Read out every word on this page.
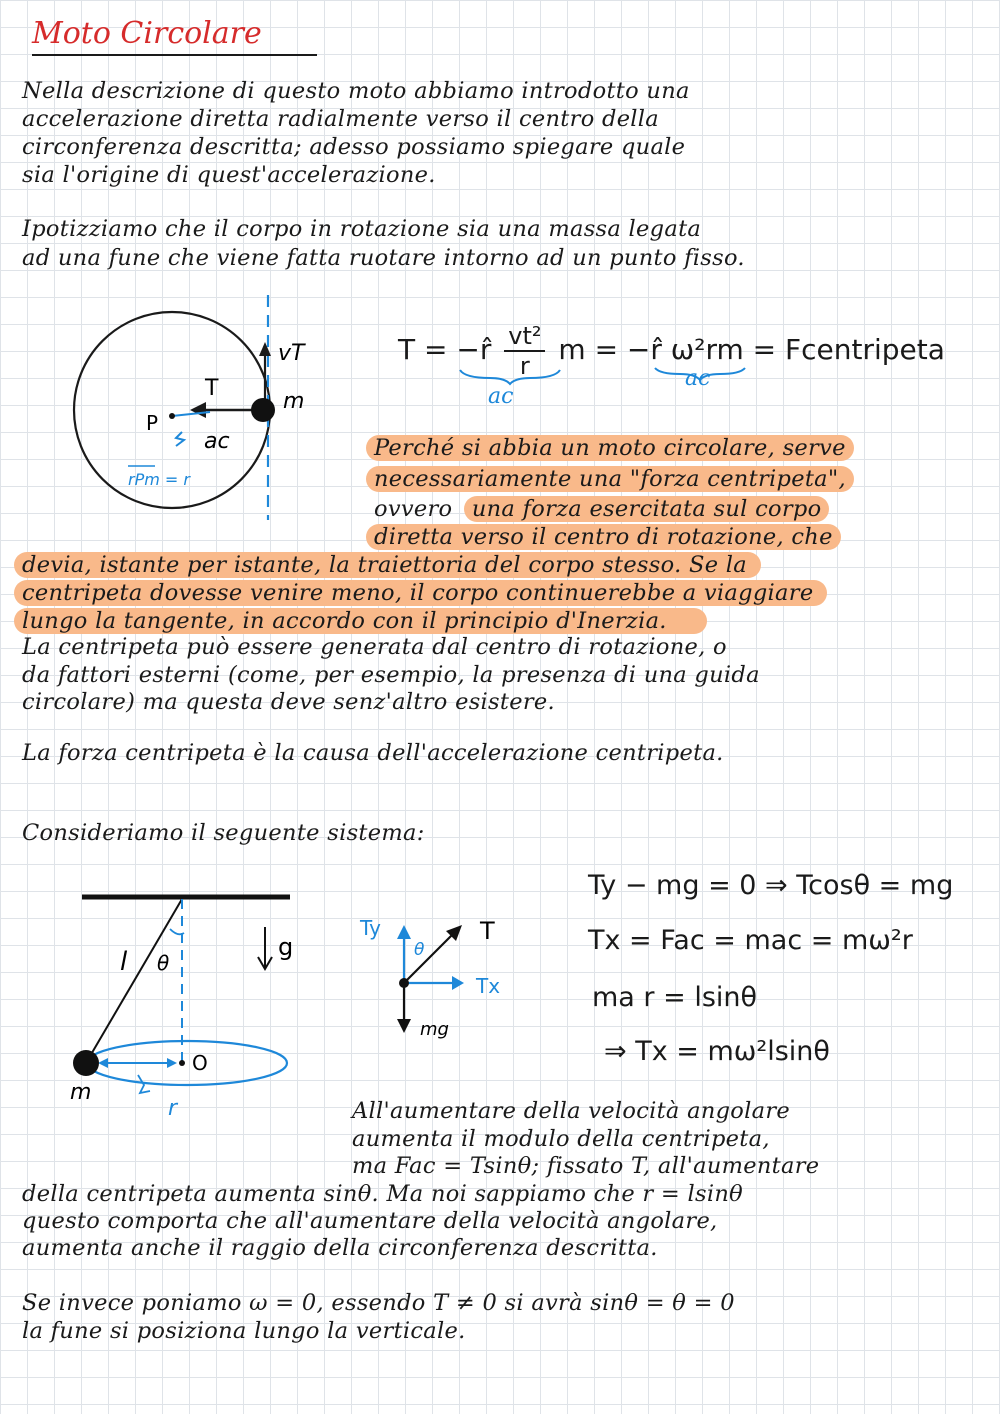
Moto Circolare
Nella descrizione di questo moto abbiamo introdotto una
accelerazione diretta radialmente verso il centro della
circonferenza descritta; adesso possiamo spiegare quale
sia l'origine di quest'accelerazione.
Ipotizziamo che il corpo in rotazione sia una massa legata
ad una fune che viene fatta ruotare intorno ad un punto fisso.
vT
T
m
P
ac
rPm = r
T = −r̂ $\frac{\text{vt²}}{r}$ m = −r̂ ω²rm = Fcentripeta
ac
ac
Perché si abbia un moto circolare, serve
necessariamente una "forza centripeta",
ovvero una forza esercitata sul corpo
diretta verso il centro di rotazione, che
devia, istante per istante, la traiettoria del corpo stesso. Se la
centripeta dovesse venire meno, il corpo continuerebbe a viaggiare
lungo la tangente, in accordo con il principio d'Inerzia.
La centripeta può essere generata dal centro di rotazione, o
da fattori esterni (come, per esempio, la presenza di una guida
circolare) ma questa deve senz'altro esistere.
La forza centripeta è la causa dell'accelerazione centripeta.
Consideriamo il seguente sistema:
l θ
g
m
O
r
Ty
θ
T
Tx
mg
Ty − mg = 0 ⇒ Tcosθ = mg
Tx = Fac = mac = mω²r
ma r = lsinθ
⇒ Tx = mω²lsinθ
All'aumentare della velocità angolare
aumenta il modulo della centripeta,
ma Fac = Tsinθ; fissato T, all'aumentare
della centripeta aumenta sinθ. Ma noi sappiamo che r = lsinθ
questo comporta che all'aumentare della velocità angolare,
aumenta anche il raggio della circonferenza descritta.
Se invece poniamo ω = 0, essendo T ≠ 0 si avrà sinθ = θ = 0
la fune si posiziona lungo la verticale.
